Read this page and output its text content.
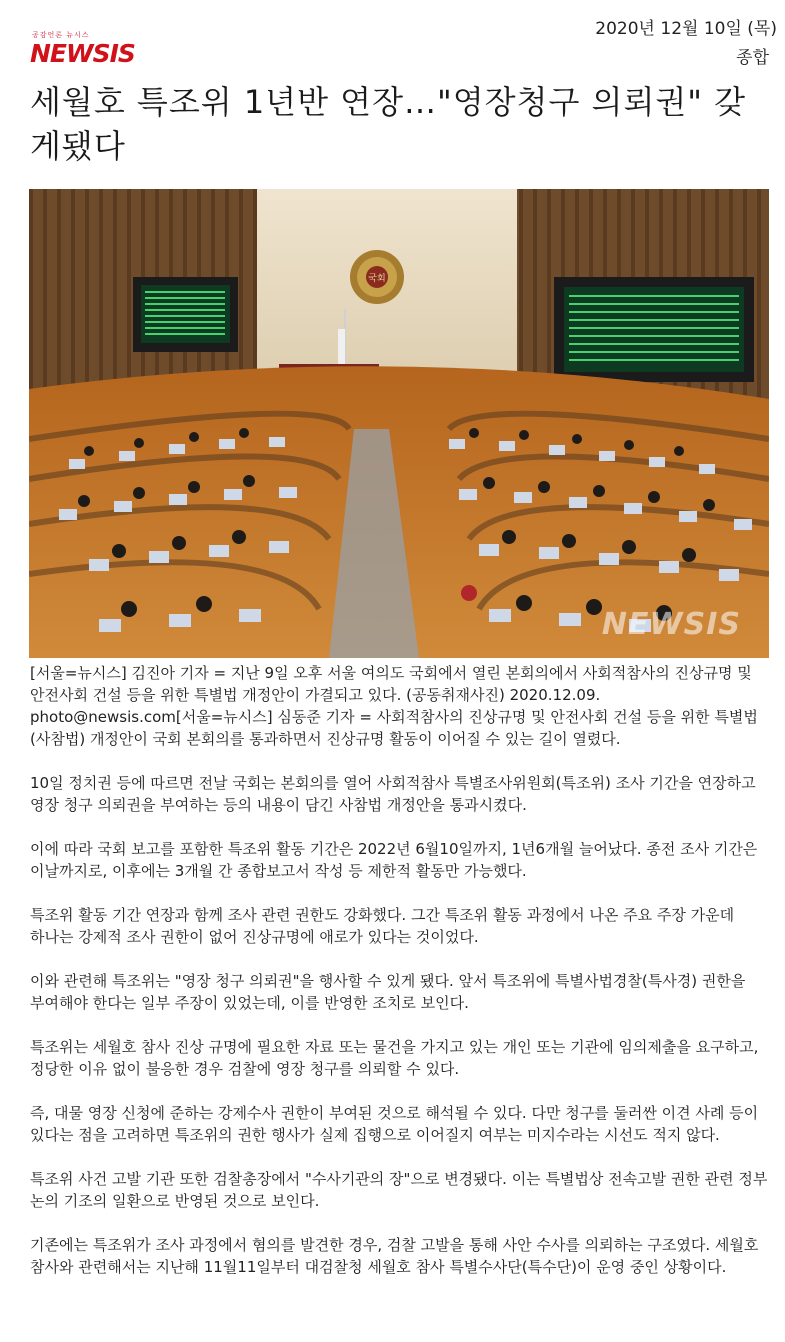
공감언론 뉴시스
NEWSIS
2020년 12월 10일 (목)
종합
세월호 특조위 1년반 연장…"영장청구 의뢰권" 갖게됐다
국회
NEWSIS

[서울=뉴시스] 김진아 기자 = 지난 9일 오후 서울 여의도 국회에서 열린 본회의에서 사회적참사의 진상규명 및 안전사회 건설 등을 위한 특별법 개정안이 가결되고 있다. (공동취재사진) 2020.12.09. photo@newsis.com[서울=뉴시스] 심동준 기자 = 사회적참사의 진상규명 및 안전사회 건설 등을 위한 특별법(사참법) 개정안이 국회 본회의를 통과하면서 진상규명 활동이 이어질 수 있는 길이 열렸다.

10일 정치권 등에 따르면 전날 국회는 본회의를 열어 사회적참사 특별조사위원회(특조위) 조사 기간을 연장하고 영장 청구 의뢰권을 부여하는 등의 내용이 담긴 사참법 개정안을 통과시켰다.

이에 따라 국회 보고를 포함한 특조위 활동 기간은 2022년 6월10일까지, 1년6개월 늘어났다. 종전 조사 기간은 이날까지로, 이후에는 3개월 간 종합보고서 작성 등 제한적 활동만 가능했다.

특조위 활동 기간 연장과 함께 조사 관련 권한도 강화했다. 그간 특조위 활동 과정에서 나온 주요 주장 가운데 하나는 강제적 조사 권한이 없어 진상규명에 애로가 있다는 것이었다.

이와 관련해 특조위는 "영장 청구 의뢰권"을 행사할 수 있게 됐다. 앞서 특조위에 특별사법경찰(특사경) 권한을 부여해야 한다는 일부 주장이 있었는데, 이를 반영한 조치로 보인다.

특조위는 세월호 참사 진상 규명에 필요한 자료 또는 물건을 가지고 있는 개인 또는 기관에 임의제출을 요구하고, 정당한 이유 없이 불응한 경우 검찰에 영장 청구를 의뢰할 수 있다.

즉, 대물 영장 신청에 준하는 강제수사 권한이 부여된 것으로 해석될 수 있다. 다만 청구를 둘러싼 이견 사례 등이 있다는 점을 고려하면 특조위의 권한 행사가 실제 집행으로 이어질지 여부는 미지수라는 시선도 적지 않다.

특조위 사건 고발 기관 또한 검찰총장에서 "수사기관의 장"으로 변경됐다. 이는 특별법상 전속고발 권한 관련 정부 논의 기조의 일환으로 반영된 것으로 보인다.

기존에는 특조위가 조사 과정에서 혐의를 발견한 경우, 검찰 고발을 통해 사안 수사를 의뢰하는 구조였다. 세월호 참사와 관련해서는 지난해 11월11일부터 대검찰청 세월호 참사 특별수사단(특수단)이 운영 중인 상황이다.
